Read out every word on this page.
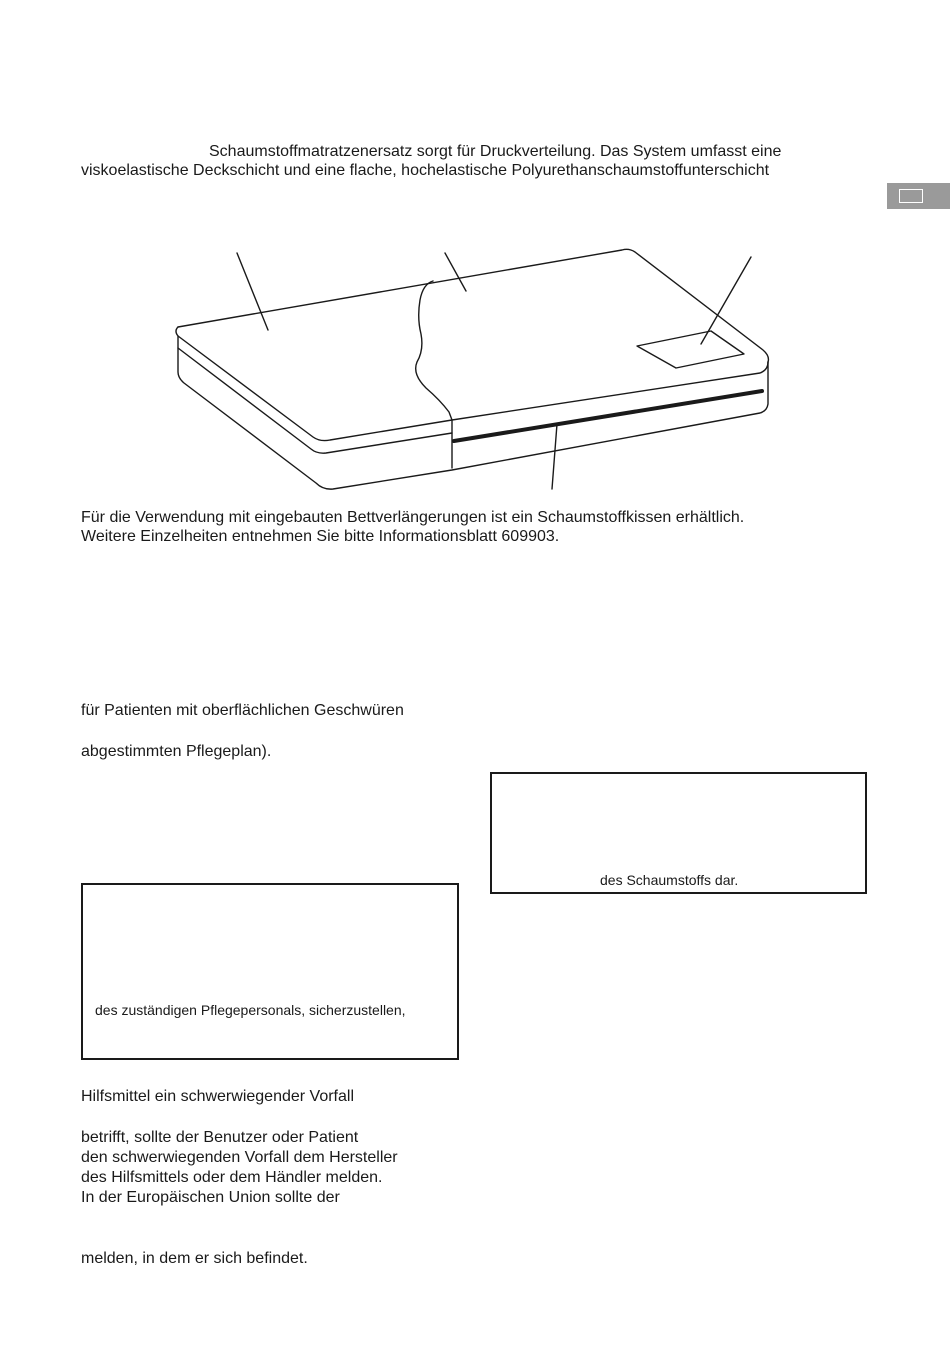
Schaumstoffmatratzenersatz sorgt für Druckverteilung. Das System umfasst eine
viskoelastische Deckschicht und eine flache, hochelastische Polyurethanschaumstoffunterschicht
Für die Verwendung mit eingebauten Bettverlängerungen ist ein Schaumstoffkissen erhältlich.
Weitere Einzelheiten entnehmen Sie bitte Informationsblatt 609903.
für Patienten mit oberflächlichen Geschwüren
abgestimmten Pflegeplan).
des Schaumstoffs dar.
des zuständigen Pflegepersonals, sicherzustellen,
Hilfsmittel ein schwerwiegender Vorfall
betrifft, sollte der Benutzer oder Patient
den schwerwiegenden Vorfall dem Hersteller
des Hilfsmittels oder dem Händler melden.
In der Europäischen Union sollte der
melden, in dem er sich befindet.
